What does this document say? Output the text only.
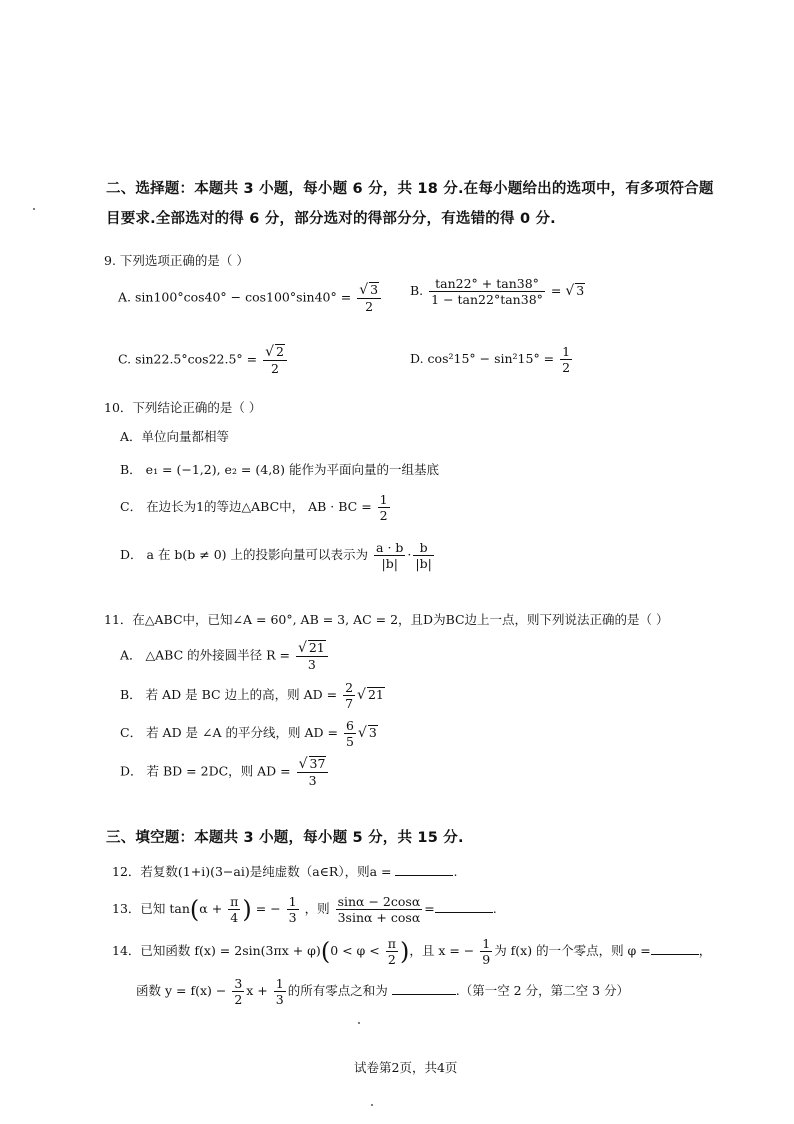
二、选择题：本题共 3 小题，每小题 6 分，共 18 分.在每小题给出的选项中，有多项符合题
目要求.全部选对的得 6 分，部分选对的得部分分，有选错的得 0 分.
9. 下列选项正确的是（ ）
A. $\sin 100^\circ\cos 40^\circ - \cos 100^\circ\sin 40^\circ = \frac{√ 3}{2} B$. $\frac{\tan 22^\circ + \tan 38^\circ}{1 - \tan 22^\circ\tan 38^\circ}$ = √ 3
C. $\sin 22.5^\circ\cos 22.5^\circ = \frac{√ 2}{2}$	D. $\cos^215^\circ - \sin^215^\circ = \frac{1}{2}$
10．下列结论正确的是（ ）
A．单位向量都相等
B． e₁ = (−1,2), e₂ = (4,8) 能作为平面向量的一组基底
C． 在边长为1的等边△ABC中， AB · BC = $\frac{1}{2}$
D． a 在 b(b ≠ 0) 上的投影向量可以表示为 $\frac{a \cdot b}{|b|} \cdot \frac{b}{|b|}$
11．在△ABC中，已知∠A = 60°, AB = 3, AC = 2，且D为BC边上一点，则下列说法正确的是（ ）
A． △ABC 的外接圆半径 $R = \frac{√ 21}{3}$
B． 若 AD 是 BC 边上的高，则 AD = $\frac{2}{7}$ √ 21
C． 若 AD 是 ∠A 的平分线，则 AD = $\frac{6}{5}$ √ 3
D． 若 BD = 2DC，则 AD = $\frac{√ 37}{3}$
三、填空题：本题共 3 小题，每小题 5 分，共 15 分.
12．若复数(1+i)(3−ai)是纯虚数（a∈R），则a =	.
13．已知 $\tan(\alpha + \frac{\pi}{4}$ ) = − $\frac{1}{3}$ ，则 $\frac{\sin\alpha - 2\cos\alpha}{3\sin\alpha + \cos\alpha}$ =	.
14．已知函数 $f(x) = 2\sin(3\pi x + \varphi)(0 < \varphi < \frac{\pi}{2}$ )，且 x = − $\frac{1}{9}$ 为 f(x) 的一个零点，则 φ =	，
函数 $y = f(x) - \frac{3}{2}$ $x + \frac{1}{3}$ 的所有零点之和为	.（第一空 2 分，第二空 3 分）
试卷第2页，共4页
